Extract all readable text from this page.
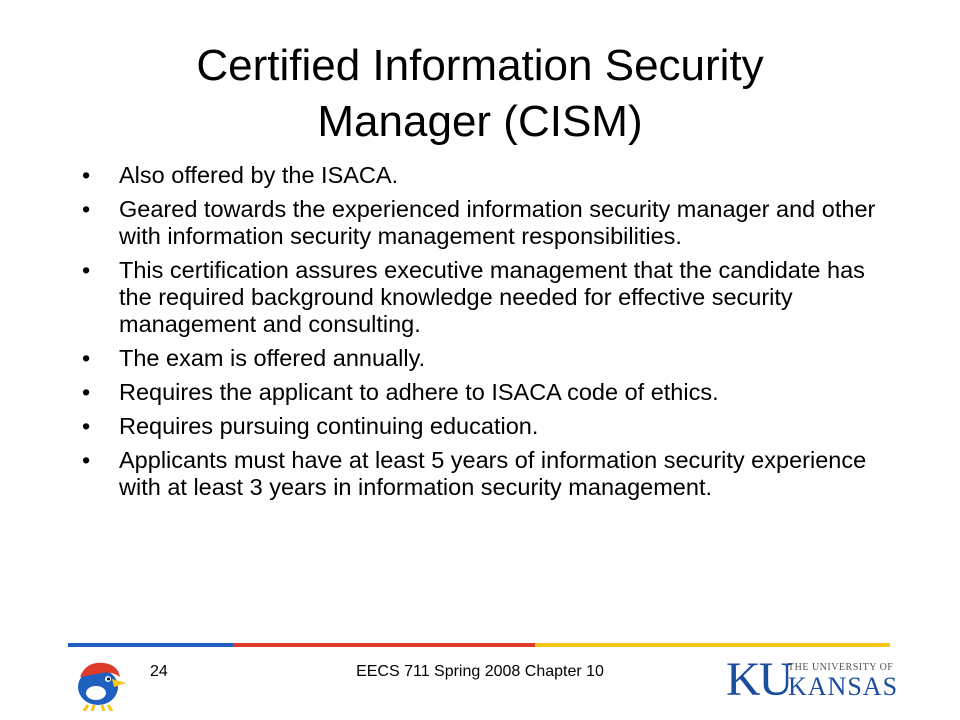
Certified Information Security
Manager (CISM)
• Also offered by the ISACA.
• Geared towards the experienced information security manager and other with information security management responsibilities.
• This certification assures executive management that the candidate has the required background knowledge needed for effective security management and consulting.
• The exam is offered annually.
• Requires the applicant to adhere to ISACA code of ethics.
• Requires pursuing continuing education.
• Applicants must have at least 5 years of information security experience with at least 3 years in information security management.
24	EECS 711 Spring 2008 Chapter 10	KU
THE UNIVERSITY OF
KANSAS
